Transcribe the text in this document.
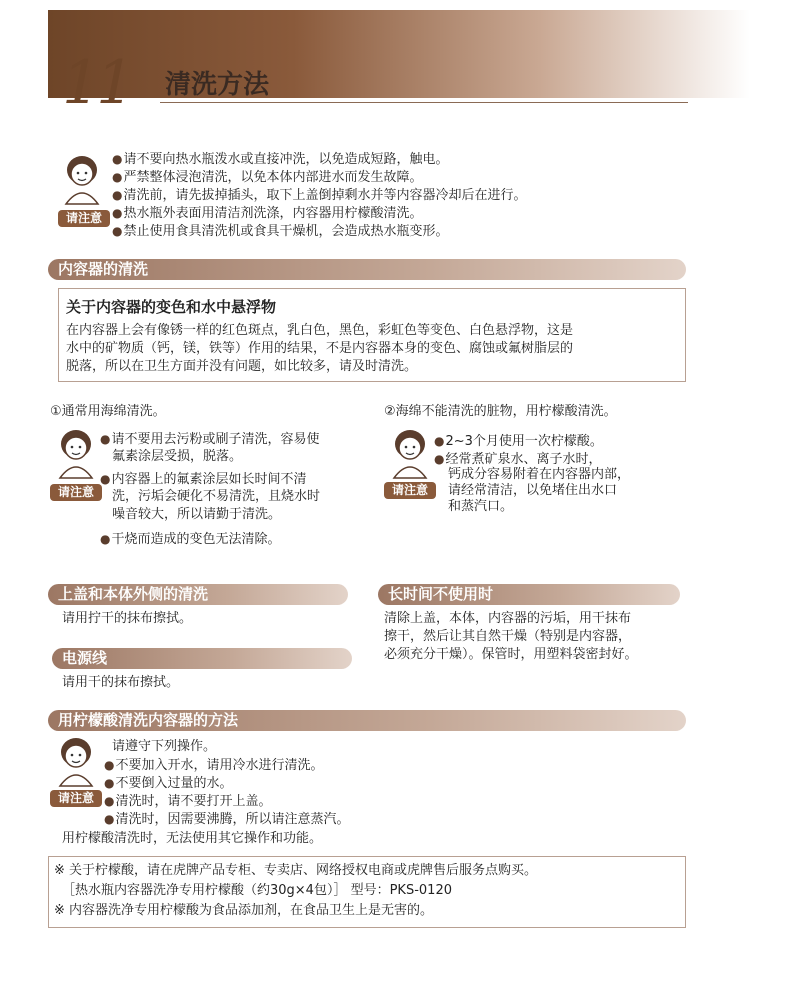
11 清洗方法
请注意
● 请不要向热水瓶泼水或直接冲洗，以免造成短路，触电。
● 严禁整体浸泡清洗，以免本体内部进水而发生故障。
● 清洗前，请先拔掉插头，取下上盖倒掉剩水并等内容器冷却后在进行。
● 热水瓶外表面用清洁剂洗涤，内容器用柠檬酸清洗。
● 禁止使用食具清洗机或食具干燥机，会造成热水瓶变形。
内容器的清洗
关于内容器的变色和水中悬浮物
在内容器上会有像锈一样的红色斑点，乳白色，黑色，彩虹色等变色、白色悬浮物，这是
水中的矿物质（钙，镁，铁等）作用的结果，不是内容器本身的变色、腐蚀或氟树脂层的
脱落，所以在卫生方面并没有问题，如比较多，请及时清洗。
①通常用海绵清洗。
请注意
● 请不要用去污粉或刷子清洗，容易使
氟素涂层受损，脱落。
● 内容器上的氟素涂层如长时间不清
洗，污垢会硬化不易清洗，且烧水时
噪音较大，所以请勤于清洗。
● 干烧而造成的变色无法清除。
②海绵不能清洗的脏物，用柠檬酸清洗。
请注意
● 2~3个月使用一次柠檬酸。
● 经常煮矿泉水、离子水时，
钙成分容易附着在内容器内部，
请经常清洁，以免堵住出水口
和蒸汽口。
上盖和本体外侧的清洗
请用拧干的抹布擦拭。
电源线
请用干的抹布擦拭。
长时间不使用时
清除上盖，本体，内容器的污垢，用干抹布
擦干，然后让其自然干燥（特别是内容器，
必须充分干燥）。保管时，用塑料袋密封好。
用柠檬酸清洗内容器的方法
请注意
请遵守下列操作。
● 不要加入开水，请用冷水进行清洗。
● 不要倒入过量的水。
● 清洗时，请不要打开上盖。
● 清洗时，因需要沸腾，所以请注意蒸汽。
用柠檬酸清洗时，无法使用其它操作和功能。
※ 关于柠檬酸，请在虎牌产品专柜、专卖店、网络授权电商或虎牌售后服务点购买。
［热水瓶内容器洗净专用柠檬酸（约30g×4包）］ 型号：PKS-0120
※ 内容器洗净专用柠檬酸为食品添加剂，在食品卫生上是无害的。
